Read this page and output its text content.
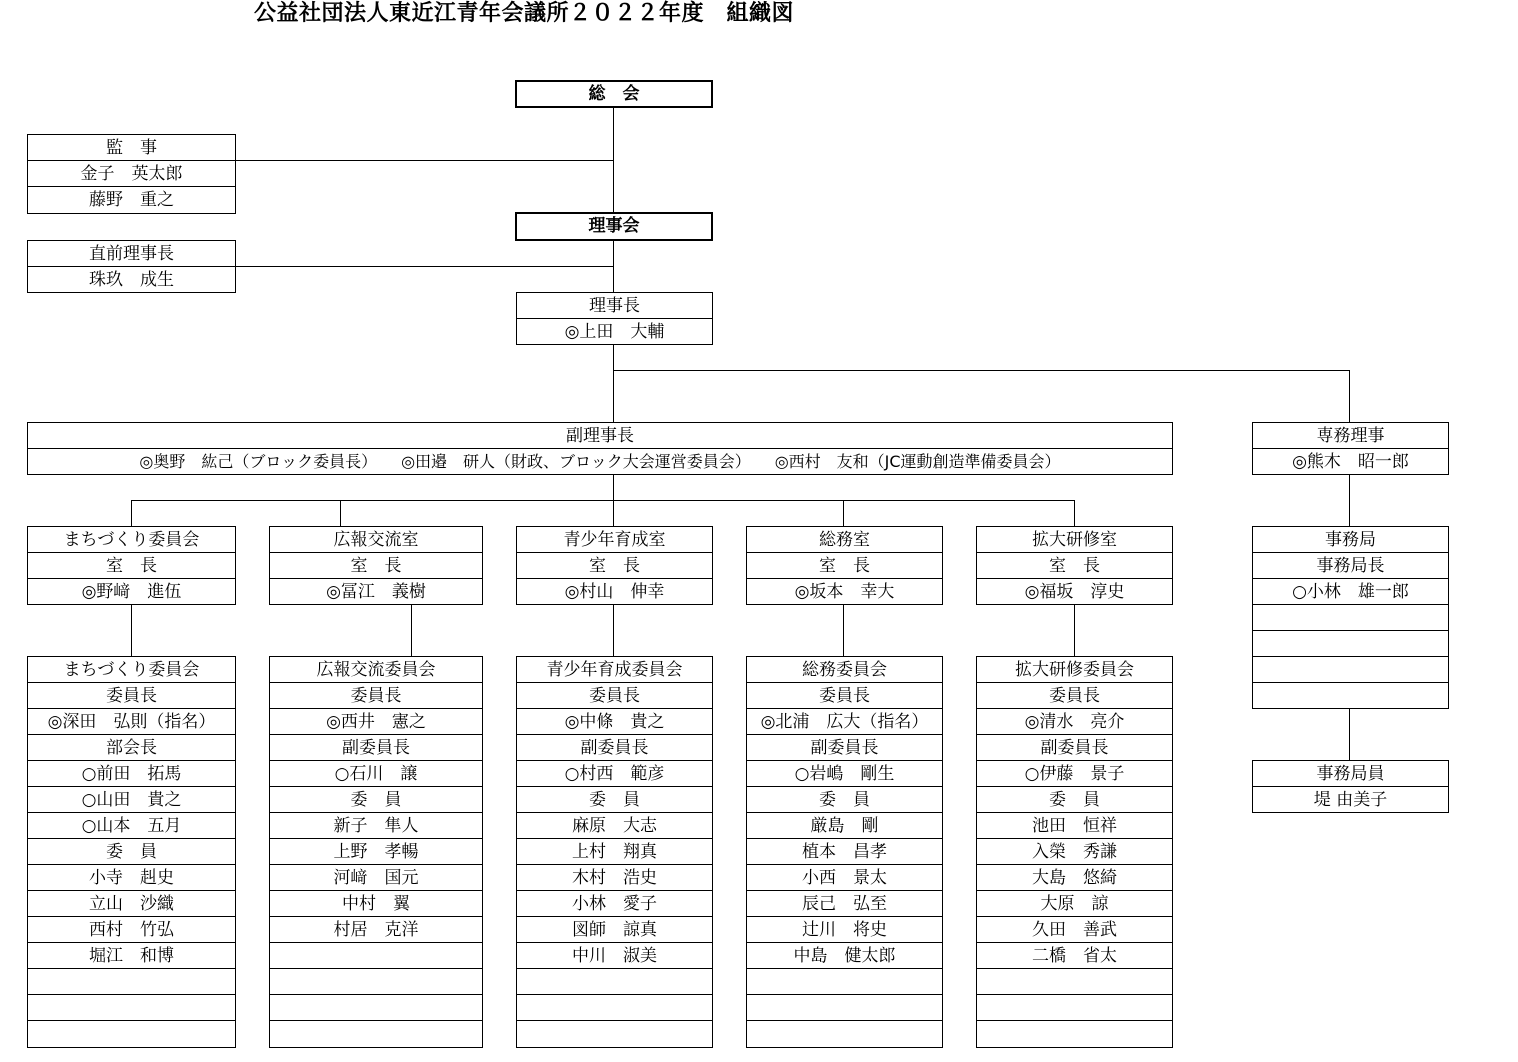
公益社団法人東近江青年会議所２０２２年度　組織図
総　会
監　事
金子　英太郎
藤野　重之
理事会
直前理事長
珠玖　成生
理事長
◎上田　大輔
副理事長
◎奥野　紘己（ブロック委員長）　　◎田邉　研人（財政、ブロック大会運営委員会）　　◎西村　友和（JC運動創造準備委員会）
専務理事
◎熊木　昭一郎
まちづくり委員会
室　長
◎野﨑　進伍
広報交流室
室　長
◎冨江　義樹
青少年育成室
室　長
◎村山　伸幸
総務室
室　長
◎坂本　幸大
拡大研修室
室　長
◎福坂　淳史
事務局
事務局長
○小林　雄一郎
事務局員
堤 由美子
まちづくり委員会
委員長
◎深田　弘則（指名）
部会長
○前田　拓馬
○山田　貴之
○山本　五月
委　員
小寺　赳史
立山　沙織
西村　竹弘
堀江　和博
広報交流委員会
委員長
◎西井　憲之
副委員長
○石川　譲
委　員
新子　隼人
上野　孝暢
河﨑　国元
中村　翼
村居　克洋
青少年育成委員会
委員長
◎中條　貴之
副委員長
○村西　範彦
委　員
麻原　大志
上村　翔真
木村　浩史
小林　愛子
図師　諒真
中川　淑美
総務委員会
委員長
◎北浦　広大（指名）
副委員長
○岩嶋　剛生
委　員
厳島　剛
植本　昌孝
小西　景太
辰己　弘至
辻川　将史
中島　健太郎
拡大研修委員会
委員長
◎清水　亮介
副委員長
○伊藤　景子
委　員
池田　恒祥
入榮　秀謙
大島　悠綺
大原　諒
久田　善武
二橋　省太
